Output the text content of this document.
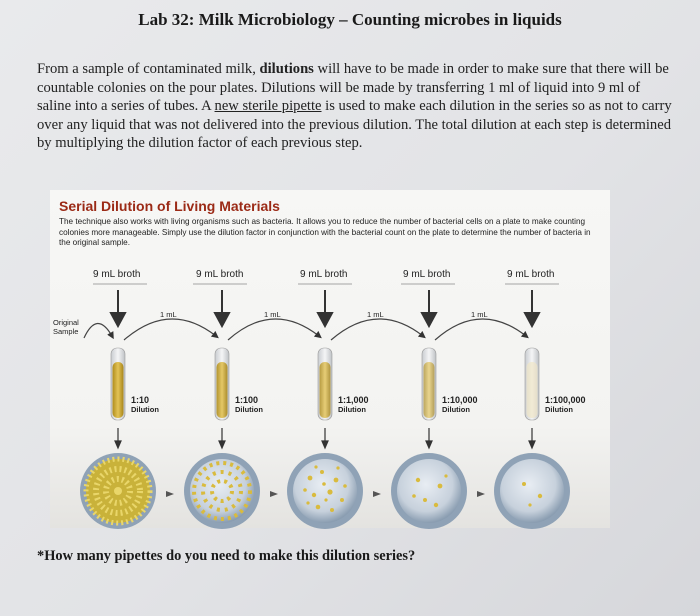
Lab 32: Milk Microbiology – Counting microbes in liquids
From a sample of contaminated milk, dilutions will have to be made in order to make sure that there will be countable colonies on the pour plates. Dilutions will be made by transferring 1 ml of liquid into 9 ml of saline into a series of tubes. A new sterile pipette is used to make each dilution in the series so as not to carry over any liquid that was not delivered into the previous dilution. The total dilution at each step is determined by multiplying the dilution factor of each previous step.
Serial Dilution of Living Materials
The technique also works with living organisms such as bacteria. It allows you to reduce the number of bacterial cells on a plate to make counting colonies more manageable. Simply use the dilution factor in conjunction with the bacterial count on the plate to determine the number of bacteria in the original sample.
Original Sample
9 mL broth	9 mL broth	9 mL broth	9 mL broth	9 mL broth
1 mL	1 mL	1 mL	1 mL
1:10
Dilution
1:100
Dilution
1:1,000
Dilution
1:10,000
Dilution
1:100,000
Dilution
*How many pipettes do you need to make this dilution series?
